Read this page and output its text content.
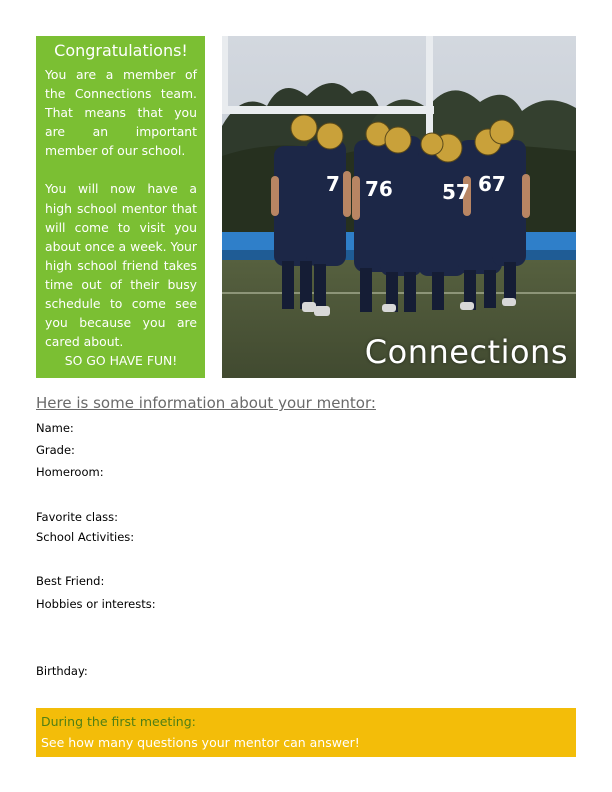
Congratulations!

You are a member of the Connections team. That means that you are an important member of our school.

You will now have a high school mentor that will come to visit you about once a week. Your high school friend takes time out of their busy schedule to come see you because you are cared about.

SO GO HAVE FUN!
7 76 57 67
Connections
Here is some information about your mentor:
Name:
Grade:
Homeroom:
Favorite class:
School Activities:
Best Friend:
Hobbies or interests:
Birthday:
During the first meeting:
See how many questions your mentor can answer!
